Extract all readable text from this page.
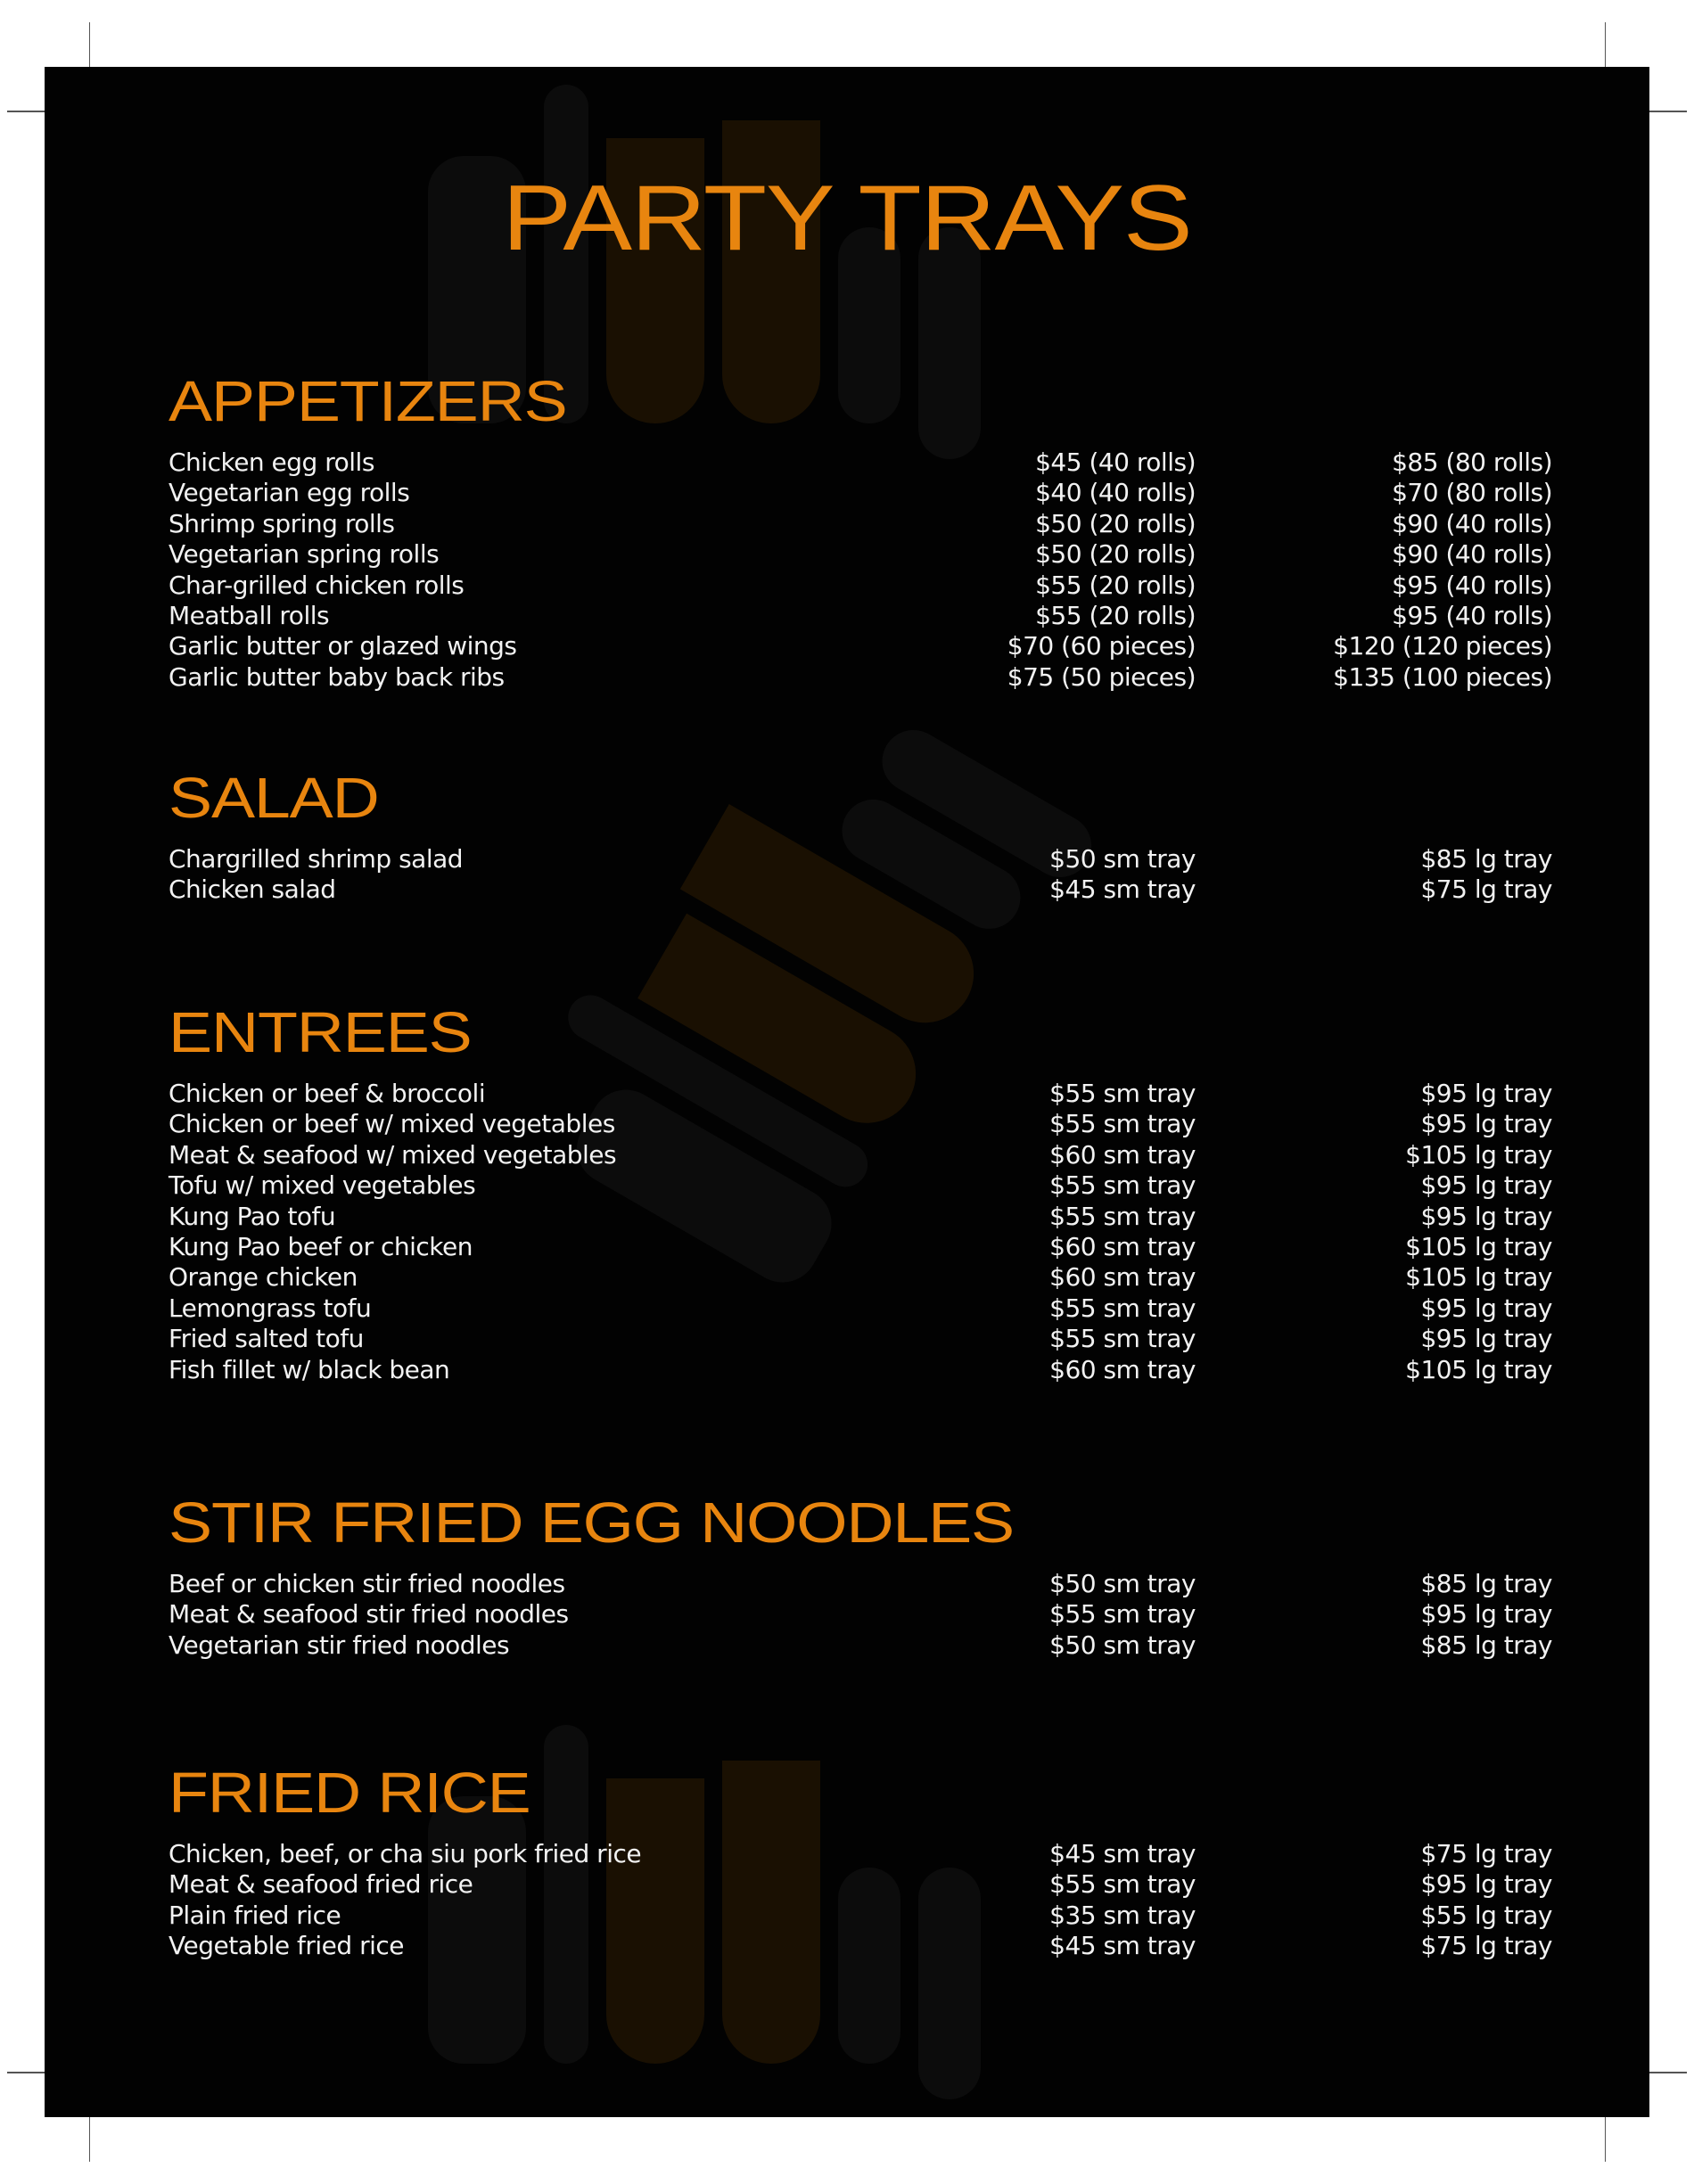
PARTY TRAYS
APPETIZERS
Chicken egg rolls	$45 (40 rolls)	$85 (80 rolls)
Vegetarian egg rolls	$40 (40 rolls)	$70 (80 rolls)
Shrimp spring rolls	$50 (20 rolls)	$90 (40 rolls)
Vegetarian spring rolls	$50 (20 rolls)	$90 (40 rolls)
Char-grilled chicken rolls	$55 (20 rolls)	$95 (40 rolls)
Meatball rolls	$55 (20 rolls)	$95 (40 rolls)
Garlic butter or glazed wings	$70 (60 pieces)	$120 (120 pieces)
Garlic butter baby back ribs	$75 (50 pieces)	$135 (100 pieces)
SALAD
Chargrilled shrimp salad	$50 sm tray	$85 lg tray
Chicken salad	$45 sm tray	$75 lg tray
ENTREES
Chicken or beef & broccoli	$55 sm tray	$95 lg tray
Chicken or beef w/ mixed vegetables	$55 sm tray	$95 lg tray
Meat & seafood w/ mixed vegetables	$60 sm tray	$105 lg tray
Tofu w/ mixed vegetables	$55 sm tray	$95 lg tray
Kung Pao tofu	$55 sm tray	$95 lg tray
Kung Pao beef or chicken	$60 sm tray	$105 lg tray
Orange chicken	$60 sm tray	$105 lg tray
Lemongrass tofu	$55 sm tray	$95 lg tray
Fried salted tofu	$55 sm tray	$95 lg tray
Fish fillet w/ black bean	$60 sm tray	$105 lg tray
STIR FRIED EGG NOODLES
Beef or chicken stir fried noodles	$50 sm tray	$85 lg tray
Meat & seafood stir fried noodles	$55 sm tray	$95 lg tray
Vegetarian stir fried noodles	$50 sm tray	$85 lg tray
FRIED RICE
Chicken, beef, or cha siu pork fried rice	$45 sm tray	$75 lg tray
Meat & seafood fried rice	$55 sm tray	$95 lg tray
Plain fried rice	$35 sm tray	$55 lg tray
Vegetable fried rice	$45 sm tray	$75 lg tray
